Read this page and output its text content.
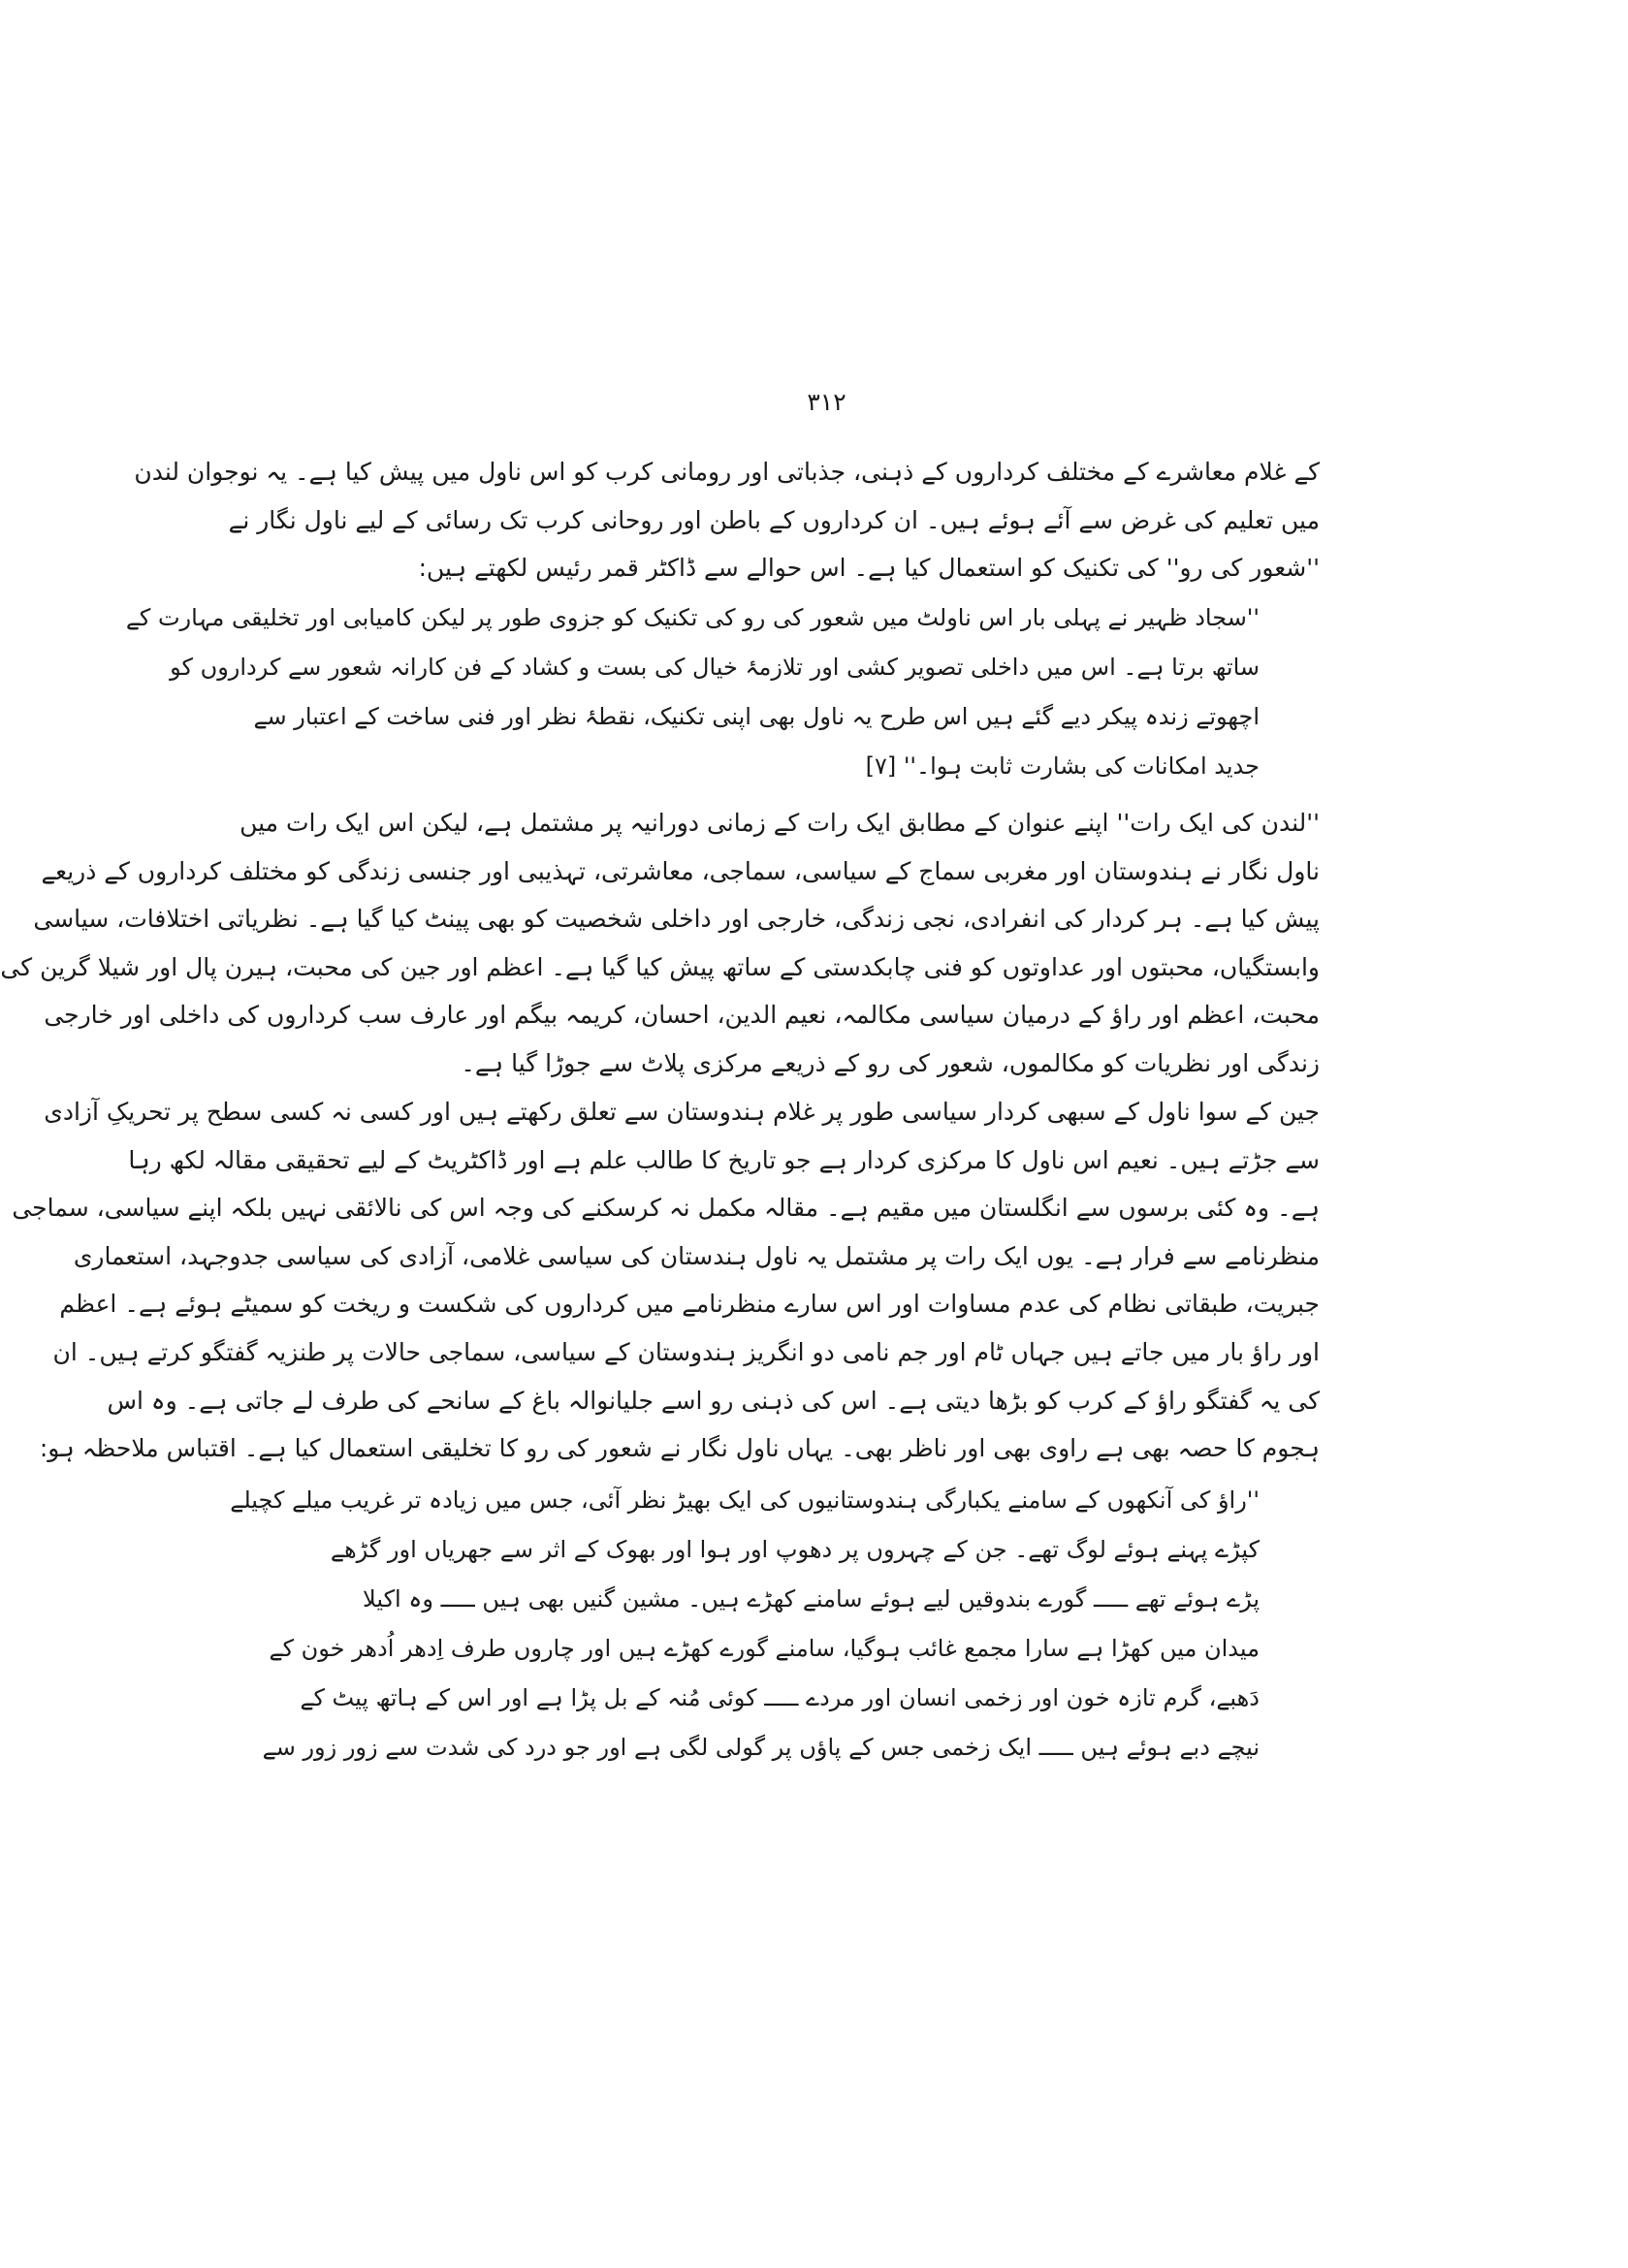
۳۱۲
کے غلام معاشرے کے مختلف کرداروں کے ذہنی، جذباتی اور رومانی کرب کو اس ناول میں پیش کیا ہے۔ یہ نوجوان لندن
میں تعلیم کی غرض سے آئے ہوئے ہیں۔ ان کرداروں کے باطن اور روحانی کرب تک رسائی کے لیے ناول نگار نے
''شعور کی رو'' کی تکنیک کو استعمال کیا ہے۔ اس حوالے سے ڈاکٹر قمر رئیس لکھتے ہیں:
''سجاد ظہیر نے پہلی بار اس ناولٹ میں شعور کی رو کی تکنیک کو جزوی طور پر لیکن کامیابی اور تخلیقی مہارت کے
ساتھ برتا ہے۔ اس میں داخلی تصویر کشی اور تلازمۂ خیال کی بست و کشاد کے فن کارانہ شعور سے کرداروں کو
اچھوتے زندہ پیکر دیے گئے ہیں اس طرح یہ ناول بھی اپنی تکنیک، نقطۂ نظر اور فنی ساخت کے اعتبار سے
جدید امکانات کی بشارت ثابت ہوا۔'' [۷]
''لندن کی ایک رات'' اپنے عنوان کے مطابق ایک رات کے زمانی دورانیہ پر مشتمل ہے، لیکن اس ایک رات میں
ناول نگار نے ہندوستان اور مغربی سماج کے سیاسی، سماجی، معاشرتی، تہذیبی اور جنسی زندگی کو مختلف کرداروں کے ذریعے
پیش کیا ہے۔ ہر کردار کی انفرادی، نجی زندگی، خارجی اور داخلی شخصیت کو بھی پینٹ کیا گیا ہے۔ نظریاتی اختلافات، سیاسی
وابستگیاں، محبتوں اور عداوتوں کو فنی چابکدستی کے ساتھ پیش کیا گیا ہے۔ اعظم اور جین کی محبت، ہیرن پال اور شیلا گرین کی
محبت، اعظم اور راؤ کے درمیان سیاسی مکالمہ، نعیم الدین، احسان، کریمہ بیگم اور عارف سب کرداروں کی داخلی اور خارجی
زندگی اور نظریات کو مکالموں، شعور کی رو کے ذریعے مرکزی پلاٹ سے جوڑا گیا ہے۔
جین کے سوا ناول کے سبھی کردار سیاسی طور پر غلام ہندوستان سے تعلق رکھتے ہیں اور کسی نہ کسی سطح پر تحریکِ آزادی
سے جڑتے ہیں۔ نعیم اس ناول کا مرکزی کردار ہے جو تاریخ کا طالب علم ہے اور ڈاکٹریٹ کے لیے تحقیقی مقالہ لکھ رہا
ہے۔ وہ کئی برسوں سے انگلستان میں مقیم ہے۔ مقالہ مکمل نہ کرسکنے کی وجہ اس کی نالائقی نہیں بلکہ اپنے سیاسی، سماجی
منظرنامے سے فرار ہے۔ یوں ایک رات پر مشتمل یہ ناول ہندستان کی سیاسی غلامی، آزادی کی سیاسی جدوجہد، استعماری
جبریت، طبقاتی نظام کی عدم مساوات اور اس سارے منظرنامے میں کرداروں کی شکست و ریخت کو سمیٹے ہوئے ہے۔ اعظم
اور راؤ بار میں جاتے ہیں جہاں ٹام اور جم نامی دو انگریز ہندوستان کے سیاسی، سماجی حالات پر طنزیہ گفتگو کرتے ہیں۔ ان
کی یہ گفتگو راؤ کے کرب کو بڑھا دیتی ہے۔ اس کی ذہنی رو اسے جلیانوالہ باغ کے سانحے کی طرف لے جاتی ہے۔ وہ اس
ہجوم کا حصہ بھی ہے راوی بھی اور ناظر بھی۔ یہاں ناول نگار نے شعور کی رو کا تخلیقی استعمال کیا ہے۔ اقتباس ملاحظہ ہو:
''راؤ کی آنکھوں کے سامنے یکبارگی ہندوستانیوں کی ایک بھیڑ نظر آئی، جس میں زیادہ تر غریب میلے کچیلے
کپڑے پہنے ہوئے لوگ تھے۔ جن کے چہروں پر دھوپ اور ہوا اور بھوک کے اثر سے جھریاں اور گڑھے
پڑے ہوئے تھے ـــــ گورے بندوقیں لیے ہوئے سامنے کھڑے ہیں۔ مشین گنیں بھی ہیں ـــــ وہ اکیلا
میدان میں کھڑا ہے سارا مجمع غائب ہوگیا، سامنے گورے کھڑے ہیں اور چاروں طرف اِدھر اُدھر خون کے
دَھبے، گرم تازہ خون اور زخمی انسان اور مردے ـــــ کوئی مُنہ کے بل پڑا ہے اور اس کے ہاتھ پیٹ کے
نیچے دبے ہوئے ہیں ـــــ ایک زخمی جس کے پاؤں پر گولی لگی ہے اور جو درد کی شدت سے زور زور سے
